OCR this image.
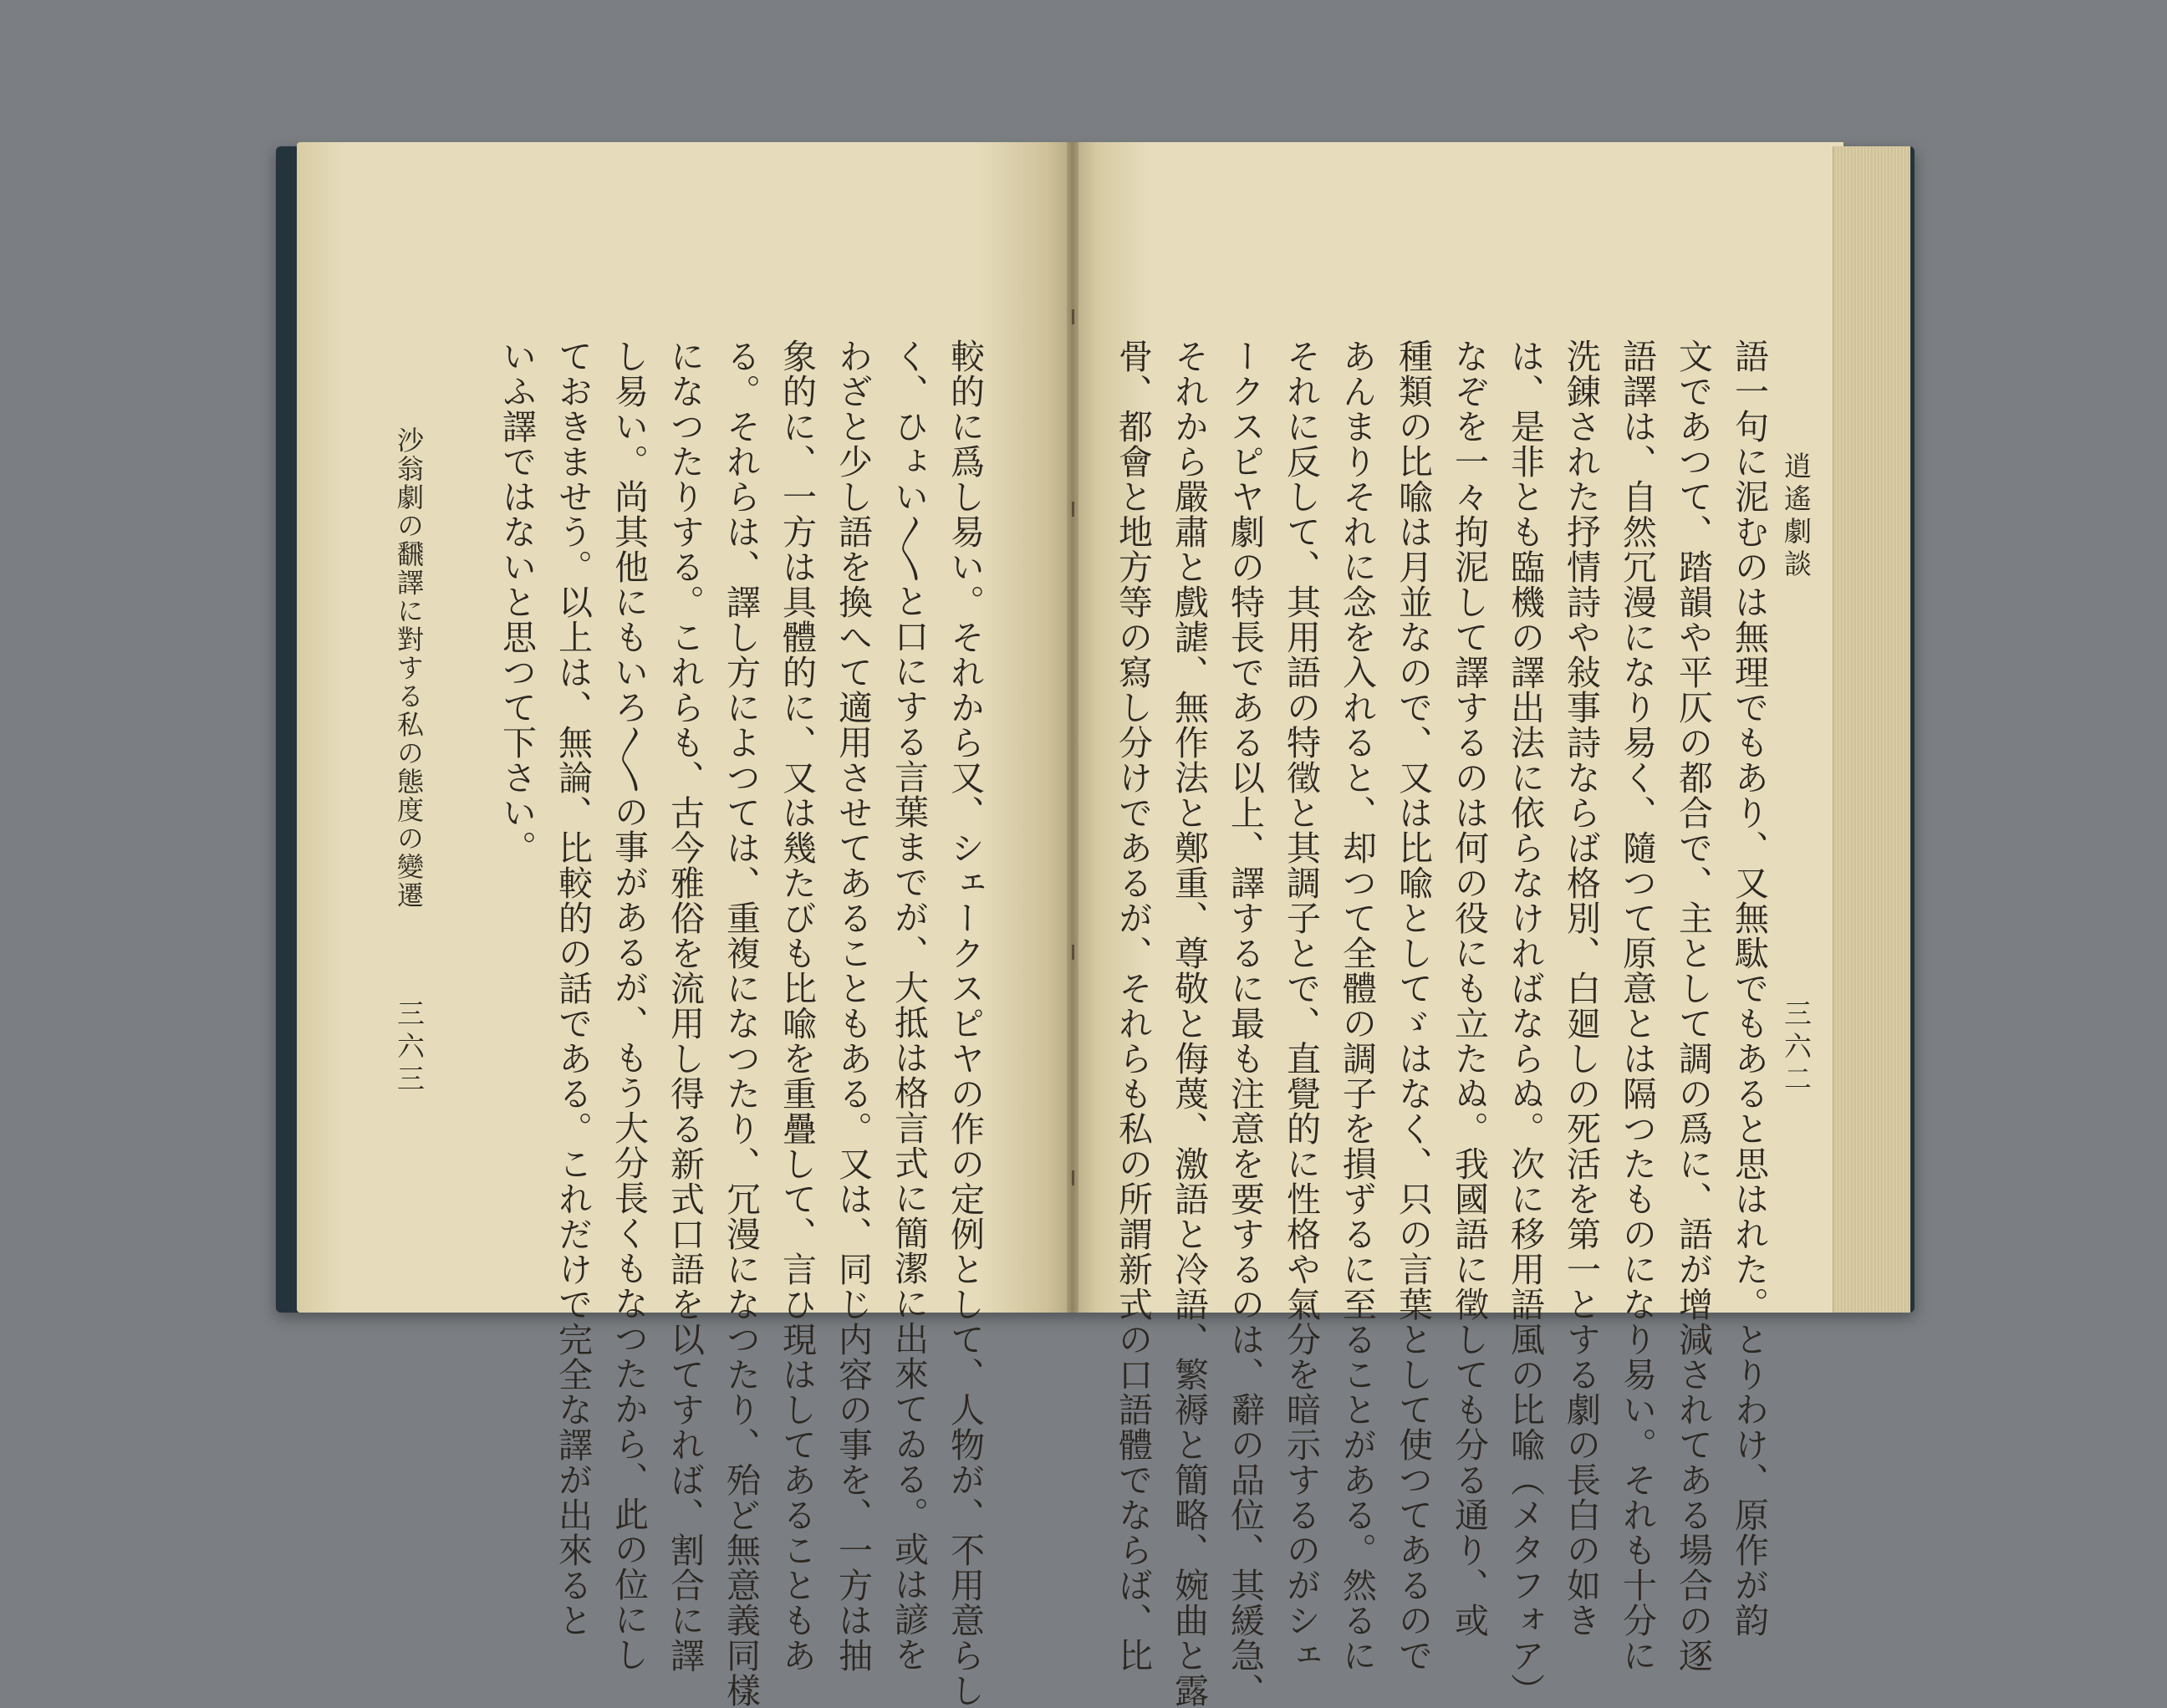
逍遙劇談
三六二
語一句に泥むのは無理でもあり、又無駄でもあると思はれた。とりわけ、原作が韵
文であつて、踏韻や平仄の都合で、主として調の爲に、語が增減されてある場合の逐
語譯は、自然冗漫になり易く、隨つて原意とは隔つたものになり易い。それも十分に
洗錬された抒情詩や敍事詩ならば格別、白廻しの死活を第一とする劇の長白の如き
は、是非とも臨機の譯出法に依らなければならぬ。次に移用語風の比喩（メタフォア）
なぞを一々拘泥して譯するのは何の役にも立たぬ。我國語に徵しても分る通り、或
種類の比喩は月並なので、又は比喩としてゞはなく、只の言葉として使つてあるので
あんまりそれに念を入れると、却つて全體の調子を損ずるに至ることがある。然るに
それに反して、其用語の特徵と其調子とで、直覺的に性格や氣分を暗示するのがシェ
ークスピヤ劇の特長である以上、譯するに最も注意を要するのは、辭の品位、其緩急、
それから嚴肅と戲謔、無作法と鄭重、尊敬と侮蔑、激語と冷語、繁褥と簡略、婉曲と露
較的に爲し易い。それから又、シェークスピヤの作の定例として、人物が、不用意らし
く、ひょい〳〵と口にする言葉までが、大抵は格言式に簡潔に出來てゐる。或は諺を
わざと少し語を換へて適用させてあることもある。又は、同じ内容の事を、一方は抽
象的に、一方は具體的に、又は幾たびも比喩を重疊して、言ひ現はしてあることもあ
る。それらは、譯し方によつては、重複になつたり、冗漫になつたり、殆ど無意義同樣
になつたりする。これらも、古今雅俗を流用し得る新式口語を以てすれば、割合に譯
し易い。尚其他にもいろ〳〵の事があるが、もう大分長くもなつたから、此の位にし
ておきませう。以上は、無論、比較的の話である。これだけで完全な譯が出來ると
いふ譯ではないと思つて下さい。
沙翁劇の飜譯に對する私の態度の變遷
三六三	骨、都會と地方等の寫し分けであるが、それらも私の所謂新式の口語體でならば、比
